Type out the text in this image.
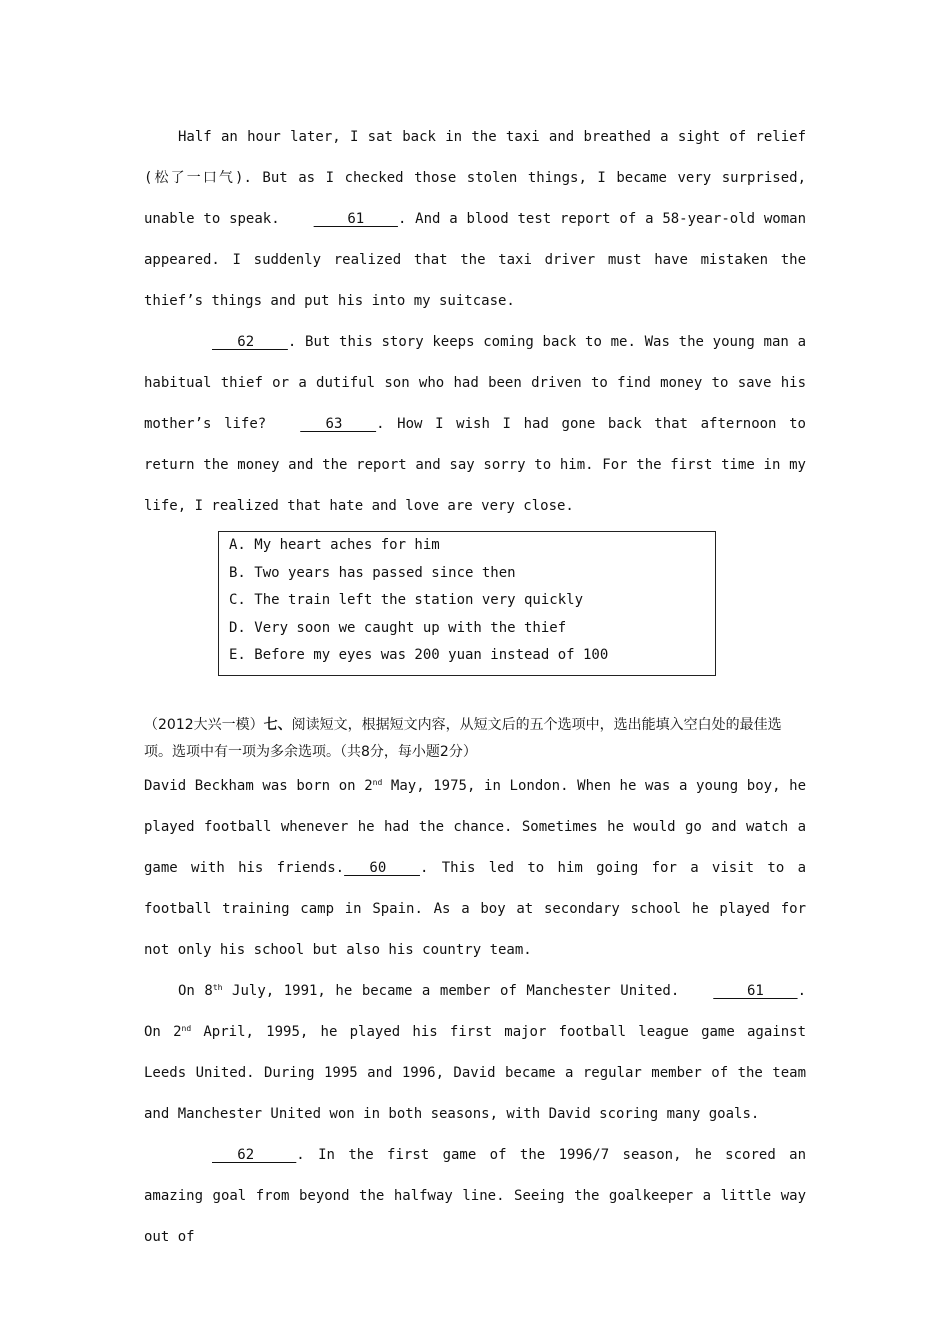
Half an hour later, I sat back in the taxi and breathed a sight of relief (松了一口气). But as I checked those stolen things, I became very surprised, unable to speak.    61    . And a blood test report of a 58-year-old woman appeared. I suddenly realized that the taxi driver must have mistaken the thief’s things and put his into my suitcase.

62    . But this story keeps coming back to me. Was the young man a habitual thief or a dutiful son who had been driven to find money to save his mother’s life?   63    . How I wish I had gone back that afternoon to return the money and the report and say sorry to him. For the first time in my life, I realized that hate and love are very close.

A. My heart aches for him
B. Two years has passed since then
C. The train left the station very quickly
D. Very soon we caught up with the thief
E. Before my eyes was 200 yuan instead of 100

（2012大兴一模）七、阅读短文，根据短文内容，从短文后的五个选项中，选出能填入空白处的最佳选项。选项中有一项为多余选项。（共8分，每小题2分）

David Beckham was born on 2nd May, 1975, in London. When he was a young boy, he played football whenever he had the chance. Sometimes he would go and watch a game with his friends.   60    . This led to him going for a visit to a football training camp in Spain. As a boy at secondary school he played for not only his school but also his country team.

On 8th July, 1991, he became a member of Manchester United.    61    . On 2nd April, 1995, he played his first major football league game against Leeds United. During 1995 and 1996, David became a regular member of the team and Manchester United won in both seasons, with David scoring many goals.

62     . In the first game of the 1996/7 season, he scored an amazing goal from beyond the halfway line. Seeing the goalkeeper a little way out of
